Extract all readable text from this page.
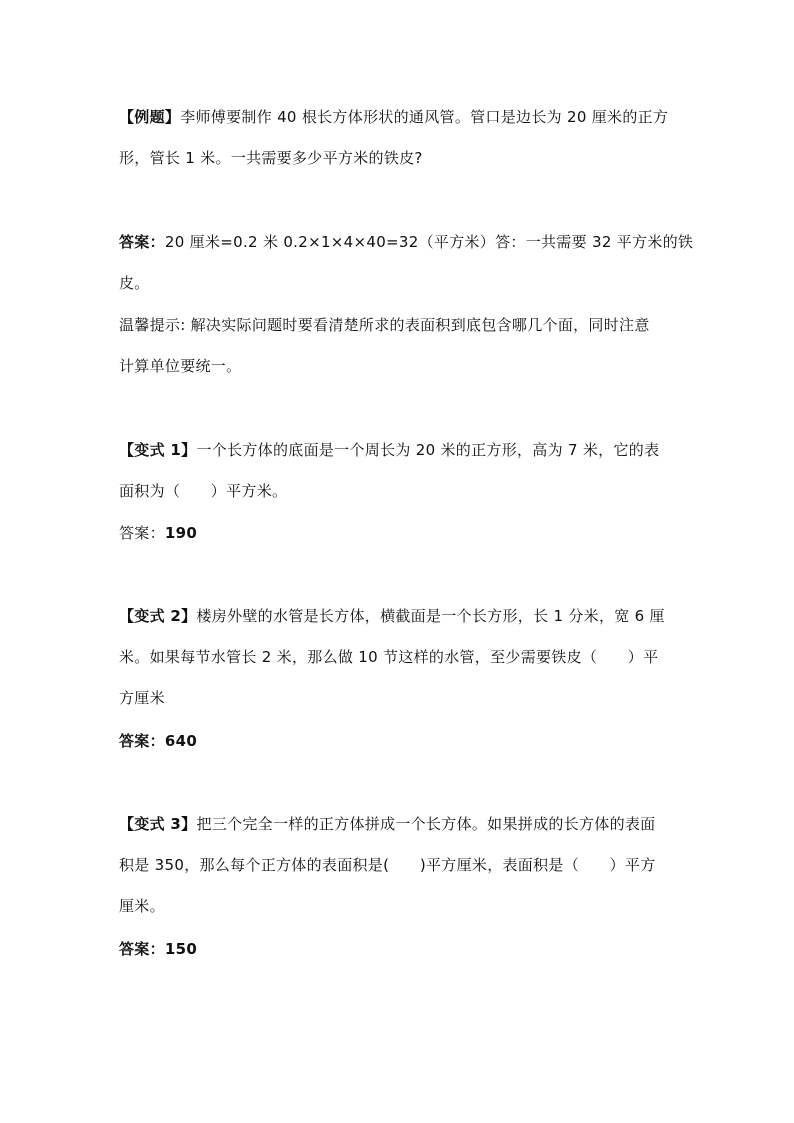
【例题】李师傅要制作 40 根长方体形状的通风管。管口是边长为 20 厘米的正方
形，管长 1 米。一共需要多少平方米的铁皮?
答案：20 厘米=0.2 米 0.2×1×4×40=32（平方米）答：一共需要 32 平方米的铁
皮。
温馨提示: 解决实际问题时要看清楚所求的表面积到底包含哪几个面，同时注意
计算单位要统一。
【变式 1】一个长方体的底面是一个周长为 20 米的正方形，高为 7 米，它的表
面积为（　　）平方米。
答案：190
【变式 2】楼房外壁的水管是长方体，横截面是一个长方形，长 1 分米，宽 6 厘
米。如果每节水管长 2 米，那么做 10 节这样的水管，至少需要铁皮（　　）平
方厘米
答案：640
【变式 3】把三个完全一样的正方体拼成一个长方体。如果拼成的长方体的表面
积是 350，那么每个正方体的表面积是(　　)平方厘米，表面积是（　　）平方
厘米。
答案：150
